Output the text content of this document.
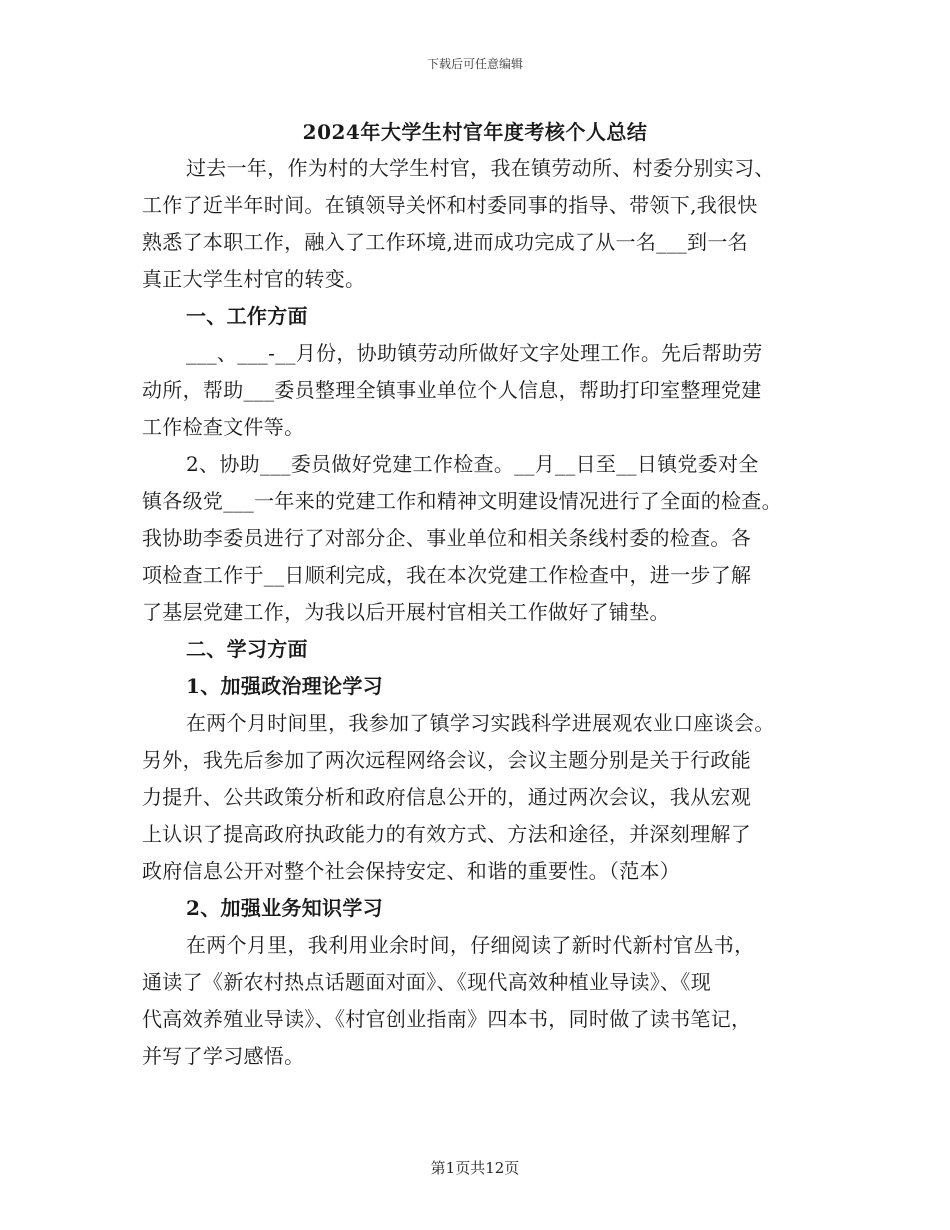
下载后可任意编辑
2024年大学生村官年度考核个人总结
过去一年，作为村的大学生村官，我在镇劳动所、村委分别实习、
工作了近半年时间。在镇领导关怀和村委同事的指导、带领下,我很快
熟悉了本职工作，融入了工作环境,进而成功完成了从一名___到一名
真正大学生村官的转变。
一、工作方面
___、___-__月份，协助镇劳动所做好文字处理工作。先后帮助劳
动所，帮助___委员整理全镇事业单位个人信息，帮助打印室整理党建
工作检查文件等。
2、协助___委员做好党建工作检查。__月__日至__日镇党委对全
镇各级党___一年来的党建工作和精神文明建设情况进行了全面的检查。
我协助李委员进行了对部分企、事业单位和相关条线村委的检查。各
项检查工作于__日顺利完成，我在本次党建工作检查中，进一步了解
了基层党建工作，为我以后开展村官相关工作做好了铺垫。
二、学习方面
1、加强政治理论学习
在两个月时间里，我参加了镇学习实践科学进展观农业口座谈会。
另外，我先后参加了两次远程网络会议，会议主题分别是关于行政能
力提升、公共政策分析和政府信息公开的，通过两次会议，我从宏观
上认识了提高政府执政能力的有效方式、方法和途径，并深刻理解了
政府信息公开对整个社会保持安定、和谐的重要性。（范本）
2、加强业务知识学习
在两个月里，我利用业余时间，仔细阅读了新时代新村官丛书，
通读了《新农村热点话题面对面》、《现代高效种植业导读》、《现
代高效养殖业导读》、《村官创业指南》四本书，同时做了读书笔记，
并写了学习感悟。
第1页共12页
